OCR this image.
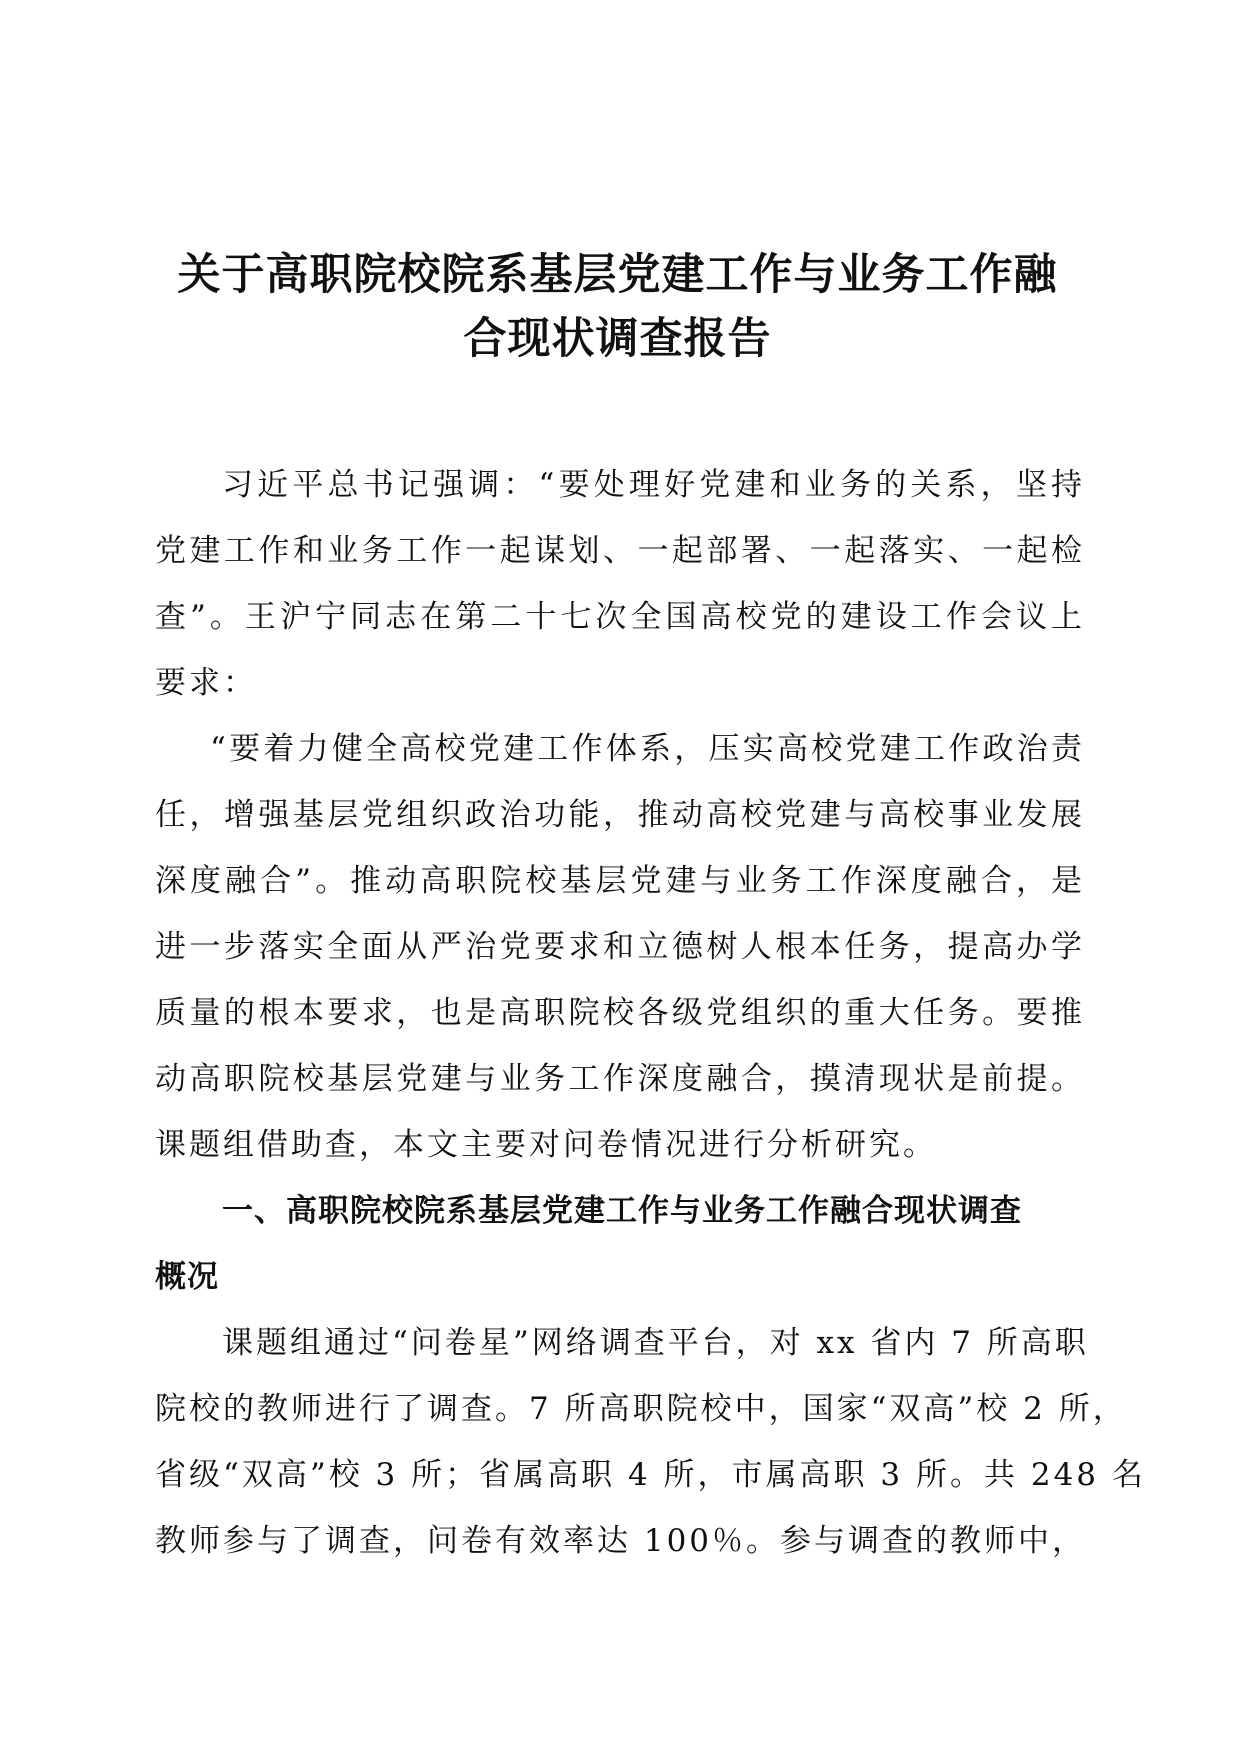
关于高职院校院系基层党建工作与业务工作融
合现状调查报告
习近平总书记强调：“要处理好党建和业务的关系，坚持
党建工作和业务工作一起谋划、一起部署、一起落实、一起检
查”。王沪宁同志在第二十七次全国高校党的建设工作会议上
要求：
“要着力健全高校党建工作体系，压实高校党建工作政治责
任，增强基层党组织政治功能，推动高校党建与高校事业发展
深度融合”。推动高职院校基层党建与业务工作深度融合，是
进一步落实全面从严治党要求和立德树人根本任务，提高办学
质量的根本要求，也是高职院校各级党组织的重大任务。要推
动高职院校基层党建与业务工作深度融合，摸清现状是前提。
课题组借助查，本文主要对问卷情况进行分析研究。
一、高职院校院系基层党建工作与业务工作融合现状调查
概况
课题组通过“问卷星”网络调查平台，对 xx 省内 7 所高职
院校的教师进行了调查。7 所高职院校中，国家“双高”校 2 所，
省级“双高”校 3 所；省属高职 4 所，市属高职 3 所。共 248 名
教师参与了调查，问卷有效率达 100％。参与调查的教师中，
